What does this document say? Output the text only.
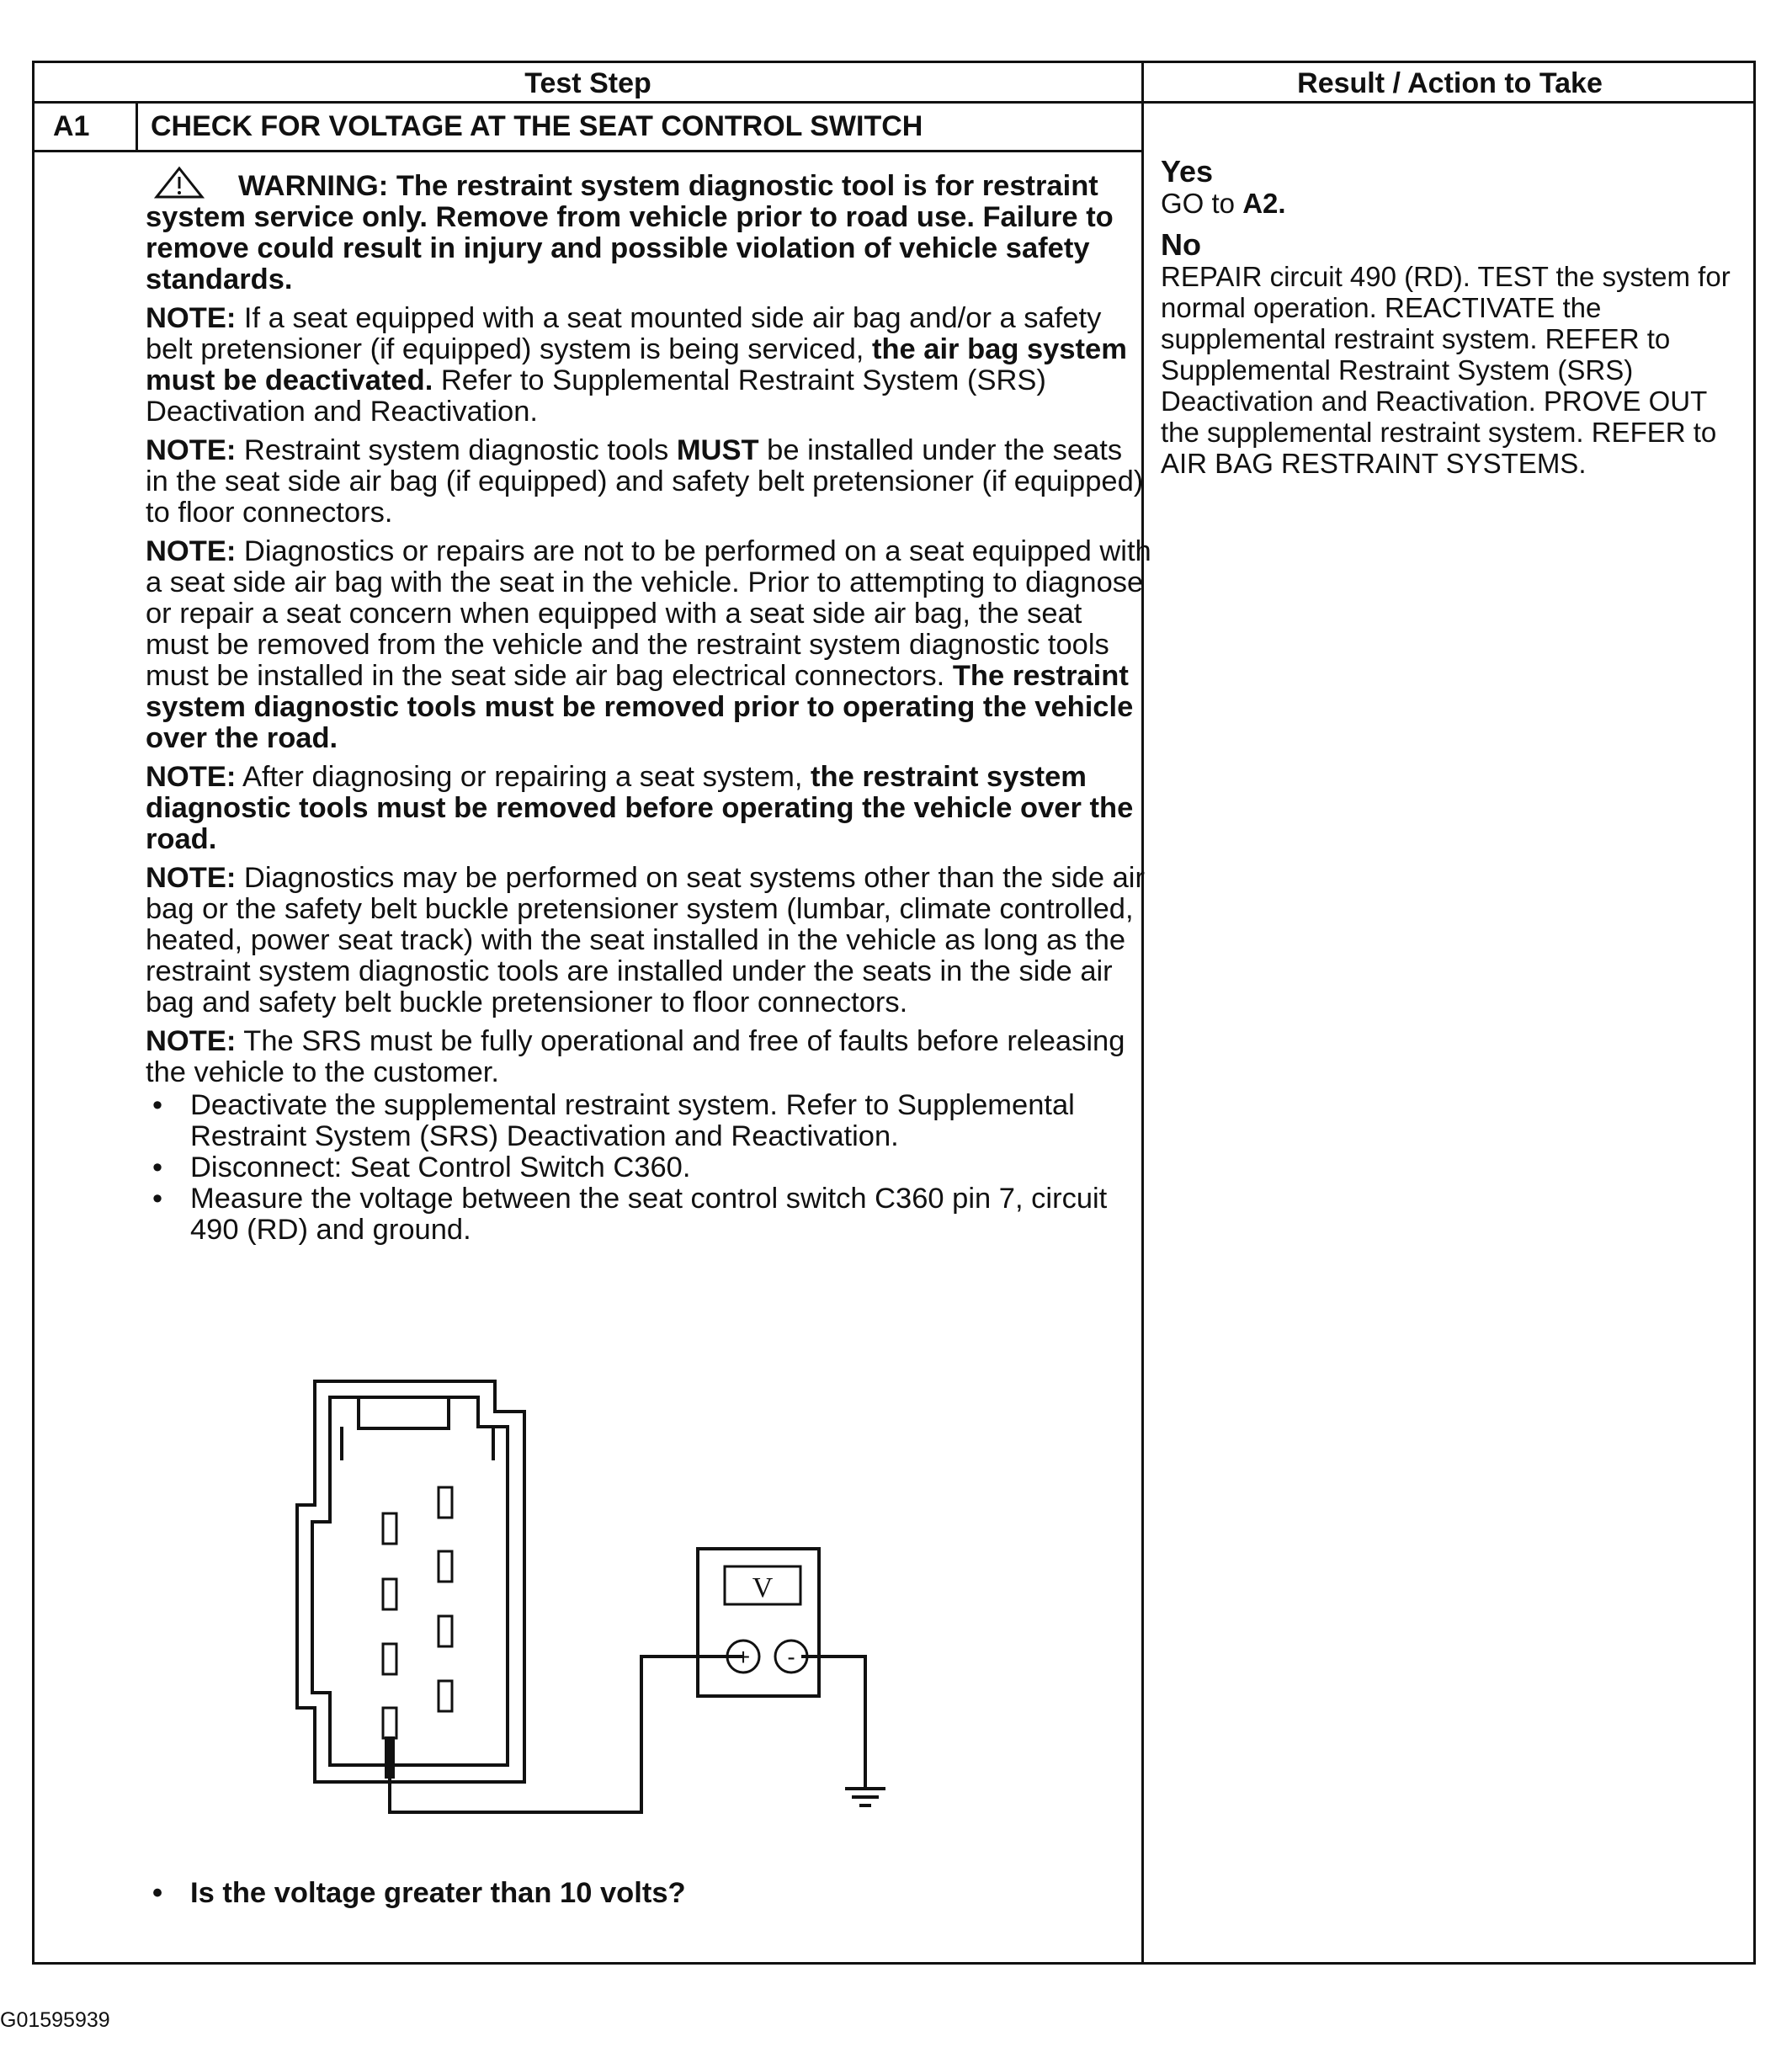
Test Step	Result / Action to Take
A1 CHECK FOR VOLTAGE AT THE SEAT CONTROL SWITCH
WARNING: The restraint system diagnostic tool is for restraint system service only. Remove from vehicle prior to road use. Failure to remove could result in injury and possible violation of vehicle safety standards.

NOTE: If a seat equipped with a seat mounted side air bag and/or a safety belt pretensioner (if equipped) system is being serviced, the air bag system must be deactivated. Refer to Supplemental Restraint System (SRS) Deactivation and Reactivation.

NOTE: Restraint system diagnostic tools MUST be installed under the seats in the seat side air bag (if equipped) and safety belt pretensioner (if equipped) to floor connectors.

NOTE: Diagnostics or repairs are not to be performed on a seat equipped with a seat side air bag with the seat in the vehicle. Prior to attempting to diagnose or repair a seat concern when equipped with a seat side air bag, the seat must be removed from the vehicle and the restraint system diagnostic tools must be installed in the seat side air bag electrical connectors. The restraint system diagnostic tools must be removed prior to operating the vehicle over the road.

NOTE: After diagnosing or repairing a seat system, the restraint system diagnostic tools must be removed before operating the vehicle over the road.

NOTE: Diagnostics may be performed on seat systems other than the side air bag or the safety belt buckle pretensioner system (lumbar, climate controlled, heated, power seat track) with the seat installed in the vehicle as long as the restraint system diagnostic tools are installed under the seats in the side air bag and safety belt buckle pretensioner to floor connectors.

NOTE: The SRS must be fully operational and free of faults before releasing the vehicle to the customer.

• Deactivate the supplemental restraint system. Refer to Supplemental Restraint System (SRS) Deactivation and Reactivation.
• Disconnect: Seat Control Switch C360.
• Measure the voltage between the seat control switch C360 pin 7, circuit 490 (RD) and ground.
V
+ -
• Is the voltage greater than 10 volts?
Yes
GO to A2.
No
REPAIR circuit 490 (RD). TEST the system for normal operation. REACTIVATE the supplemental restraint system. REFER to Supplemental Restraint System (SRS) Deactivation and Reactivation. PROVE OUT the supplemental restraint system. REFER to AIR BAG RESTRAINT SYSTEMS.
G01595939
